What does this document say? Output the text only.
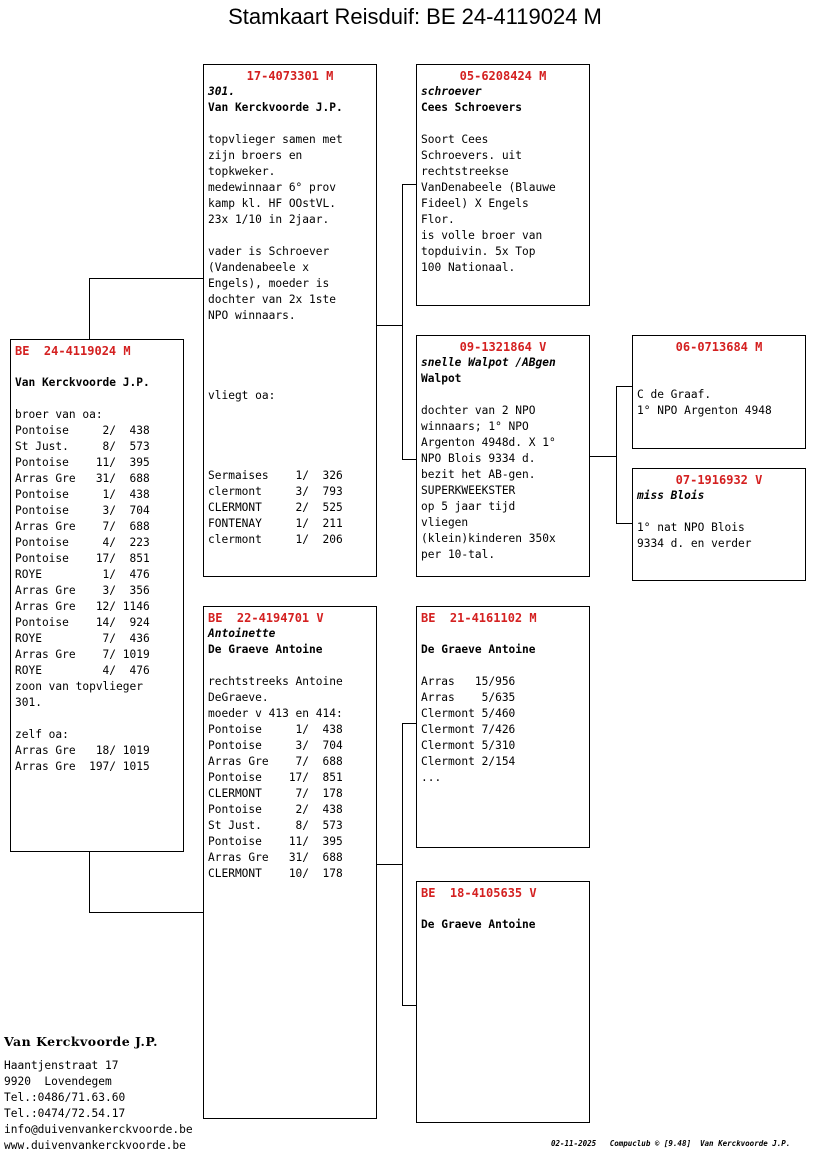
Stamkaart Reisduif: BE 24-4119024 M
BE  24-4119024 M
Van Kerckvoorde J.P.
broer van oa:
Pontoise     2/  438
St Just.     8/  573
Pontoise    11/  395
Arras Gre   31/  688
Pontoise     1/  438
Pontoise     3/  704
Arras Gre    7/  688
Pontoise     4/  223
Pontoise    17/  851
ROYE         1/  476
Arras Gre    3/  356
Arras Gre   12/ 1146
Pontoise    14/  924
ROYE         7/  436
Arras Gre    7/ 1019
ROYE         4/  476
zoon van topvlieger
301.

zelf oa:
Arras Gre   18/ 1019
Arras Gre  197/ 1015
17-4073301 M
301.
Van Kerckvoorde J.P.
topvlieger samen met
zijn broers en
topkweker.
medewinnaar 6° prov
kamp kl. HF OOstVL.
23x 1/10 in 2jaar.

vader is Schroever
(Vandenabeele x
Engels), moeder is
dochter van 2x 1ste
NPO winnaars.

vliegt oa:

Sermaises    1/  326
clermont     3/  793
CLERMONT     2/  525
FONTENAY     1/  211
clermont     1/  206
BE  22-4194701 V
Antoinette
De Graeve Antoine
rechtstreeks Antoine
DeGraeve.
moeder v 413 en 414:
Pontoise     1/  438
Pontoise     3/  704
Arras Gre    7/  688
Pontoise    17/  851
CLERMONT     7/  178
Pontoise     2/  438
St Just.     8/  573
Pontoise    11/  395
Arras Gre   31/  688
CLERMONT    10/  178
05-6208424 M
schroever
Cees Schroevers
Soort Cees
Schroevers. uit
rechtstreekse
VanDenabeele (Blauwe
Fideel) X Engels
Flor.
is volle broer van
topduivin. 5x Top
100 Nationaal.
09-1321864 V
snelle Walpot /ABgen
Walpot
dochter van 2 NPO
winnaars; 1° NPO
Argenton 4948d. X 1°
NPO Blois 9334 d.
bezit het AB-gen.
SUPERKWEEKSTER
op 5 jaar tijd
vliegen
(klein)kinderen 350x
per 10-tal.
BE  21-4161102 M
De Graeve Antoine
Arras   15/956
Arras    5/635
Clermont 5/460
Clermont 7/426
Clermont 5/310
Clermont 2/154
...
BE  18-4105635 V
De Graeve Antoine
06-0713684 M
C de Graaf.
1° NPO Argenton 4948
07-1916932 V
miss Blois
1° nat NPO Blois
9334 d. en verder
Van Kerckvoorde J.P.
Haantjenstraat 17
9920  Lovendegem
Tel.:0486/71.63.60
Tel.:0474/72.54.17
info@duivenvankerckvoorde.be
www.duivenvankerckvoorde.be	02-11-2025   Compuclub © [9.48]  Van Kerckvoorde J.P.
